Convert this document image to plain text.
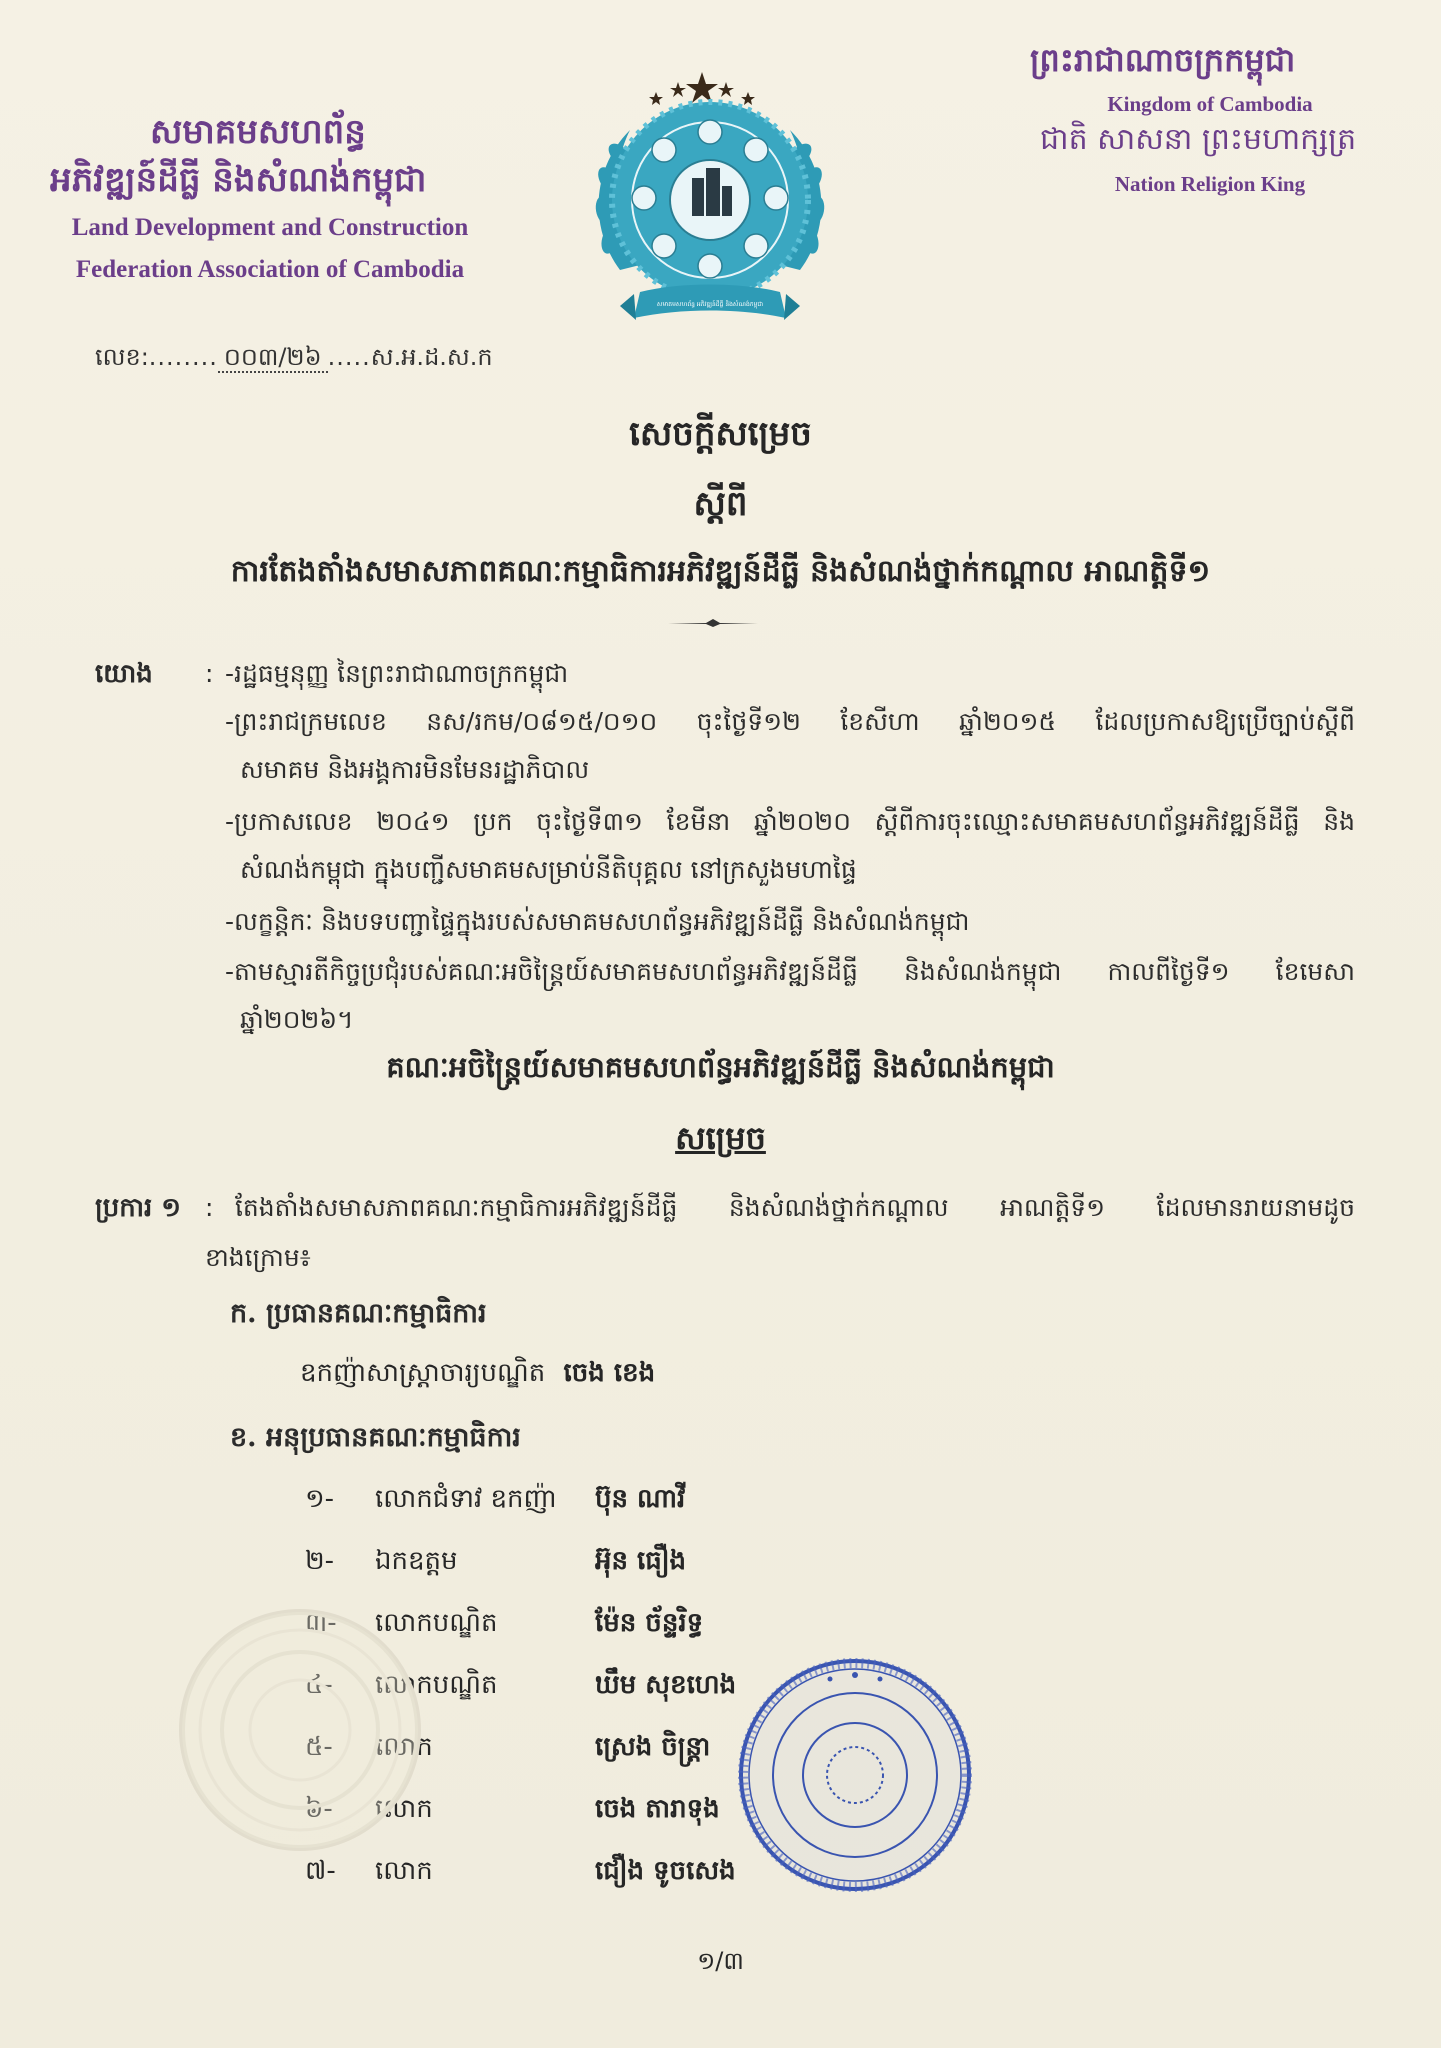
សមាគមសហព័ន្ធ
អភិវឌ្ឍន៍ដីធ្លី និងសំណង់កម្ពុជា
Land Development and Construction
Federation Association of Cambodia
សមាគមសហព័ន្ធ អភិវឌ្ឍន៍ដីធ្លី និងសំណង់កម្ពុជា
ព្រះរាជាណាចក្រកម្ពុជា
Kingdom of Cambodia
ជាតិ សាសនា ព្រះមហាក្សត្រ
Nation Religion King
លេខ:........ ០០៣/២៦ .....ស.អ.ដ.ស.ក
សេចក្ដីសម្រេច
ស្ដីពី
ការតែងតាំងសមាសភាពគណៈកម្មាធិការអភិវឌ្ឍន៍ដីធ្លី និងសំណង់ថ្នាក់កណ្ដាល អាណត្តិទី១
យោង : -រដ្ឋធម្មនុញ្ញ នៃព្រះរាជាណាចក្រកម្ពុជា
-ព្រះរាជក្រមលេខ នស/រកម/០៨១៥/០១០ ចុះថ្ងៃទី១២ ខែសីហា ឆ្នាំ២០១៥ ដែលប្រកាសឱ្យប្រើច្បាប់ស្ដីពី
សមាគម និងអង្គការមិនមែនរដ្ឋាភិបាល
-ប្រកាសលេខ ២០៤១ ប្រក ចុះថ្ងៃទី៣១ ខែមីនា ឆ្នាំ២០២០ ស្ដីពីការចុះឈ្មោះសមាគមសហព័ន្ធអភិវឌ្ឍន៍ដីធ្លី និង
សំណង់កម្ពុជា ក្នុងបញ្ជីសមាគមសម្រាប់នីតិបុគ្គល នៅក្រសួងមហាផ្ទៃ
-លក្ខន្តិកៈ និងបទបញ្ជាផ្ទៃក្នុងរបស់សមាគមសហព័ន្ធអភិវឌ្ឍន៍ដីធ្លី និងសំណង់កម្ពុជា
-តាមស្មារតីកិច្ចប្រជុំរបស់គណៈអចិន្ត្រៃយ៍សមាគមសហព័ន្ធអភិវឌ្ឍន៍ដីធ្លី និងសំណង់កម្ពុជា កាលពីថ្ងៃទី១ ខែមេសា
ឆ្នាំ២០២៦។
គណៈអចិន្ត្រៃយ៍សមាគមសហព័ន្ធអភិវឌ្ឍន៍ដីធ្លី និងសំណង់កម្ពុជា
សម្រេច
ប្រការ ១ : តែងតាំងសមាសភាពគណៈកម្មាធិការអភិវឌ្ឍន៍ដីធ្លី និងសំណង់ថ្នាក់កណ្ដាល អាណត្តិទី១ ដែលមានរាយនាមដូច
ខាងក្រោម៖
ក. ប្រធានគណៈកម្មាធិការ
ឧកញ៉ាសាស្ត្រាចារ្យបណ្ឌិត ចេង ខេង
ខ. អនុប្រធានគណៈកម្មាធិការ
១- លោកជំទាវ ឧកញ៉ា ប៊ុន ណាវី
២- ឯកឧត្ដម	អ៊ុន ធឿង
៣- លោកបណ្ឌិត	ម៉ែន ច័ន្ទរិទ្ធ
៤- លោកបណ្ឌិត	ឃឹម សុខហេង
៥- លោក	ស្រេង ចិន្ត្រា
៦- លោក	ចេង តារាទុង
៧- លោក	ជឿង ទូចសេង
១/៣
